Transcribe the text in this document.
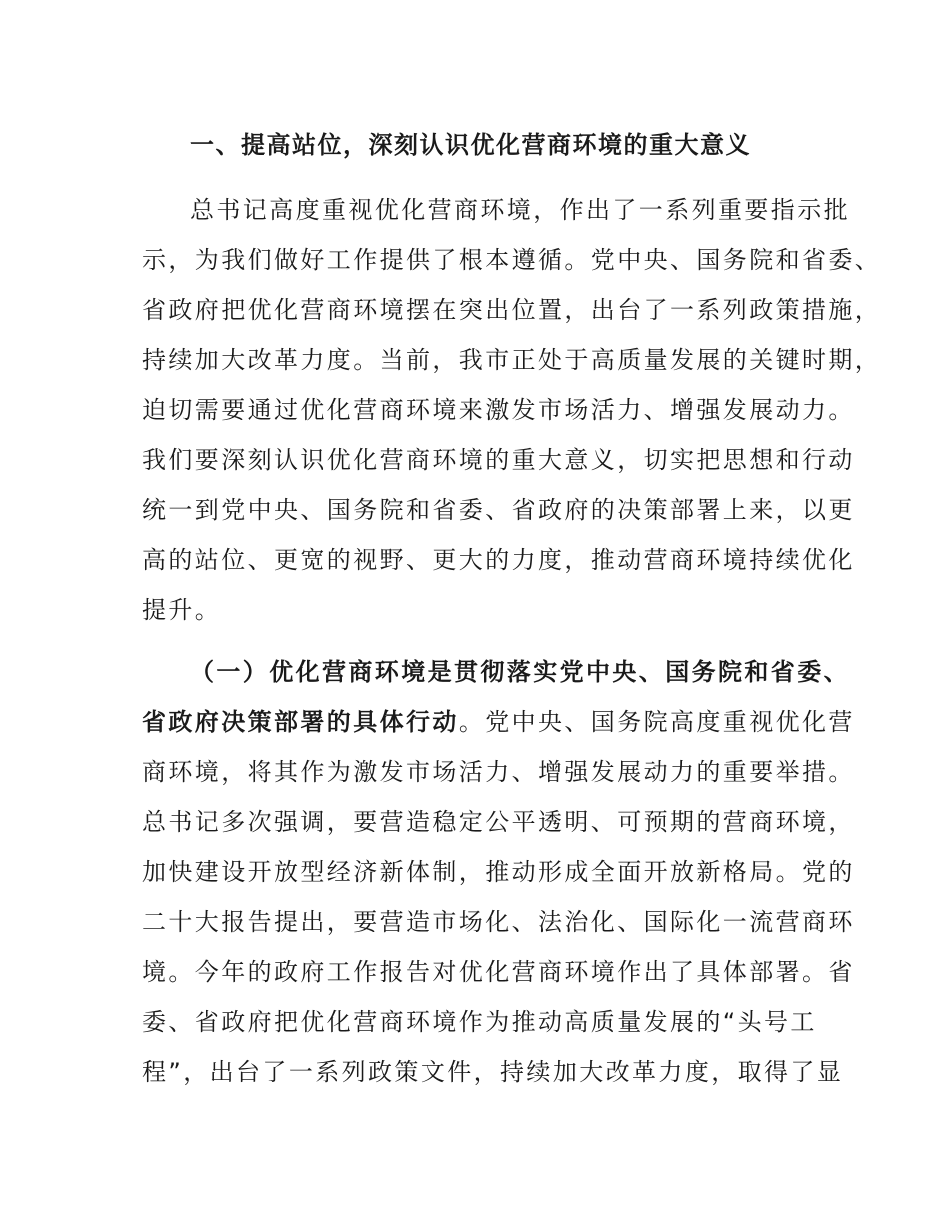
一、提高站位，深刻认识优化营商环境的重大意义
总书记高度重视优化营商环境，作出了一系列重要指示批
示，为我们做好工作提供了根本遵循。党中央、国务院和省委、
省政府把优化营商环境摆在突出位置，出台了一系列政策措施，
持续加大改革力度。当前，我市正处于高质量发展的关键时期，
迫切需要通过优化营商环境来激发市场活力、增强发展动力。
我们要深刻认识优化营商环境的重大意义，切实把思想和行动
统一到党中央、国务院和省委、省政府的决策部署上来，以更
高的站位、更宽的视野、更大的力度，推动营商环境持续优化
提升。
（一）优化营商环境是贯彻落实党中央、国务院和省委、
省政府决策部署的具体行动。党中央、国务院高度重视优化营
商环境，将其作为激发市场活力、增强发展动力的重要举措。
总书记多次强调，要营造稳定公平透明、可预期的营商环境，
加快建设开放型经济新体制，推动形成全面开放新格局。党的
二十大报告提出，要营造市场化、法治化、国际化一流营商环
境。今年的政府工作报告对优化营商环境作出了具体部署。省
委、省政府把优化营商环境作为推动高质量发展的“头号工
程”，出台了一系列政策文件，持续加大改革力度，取得了显
